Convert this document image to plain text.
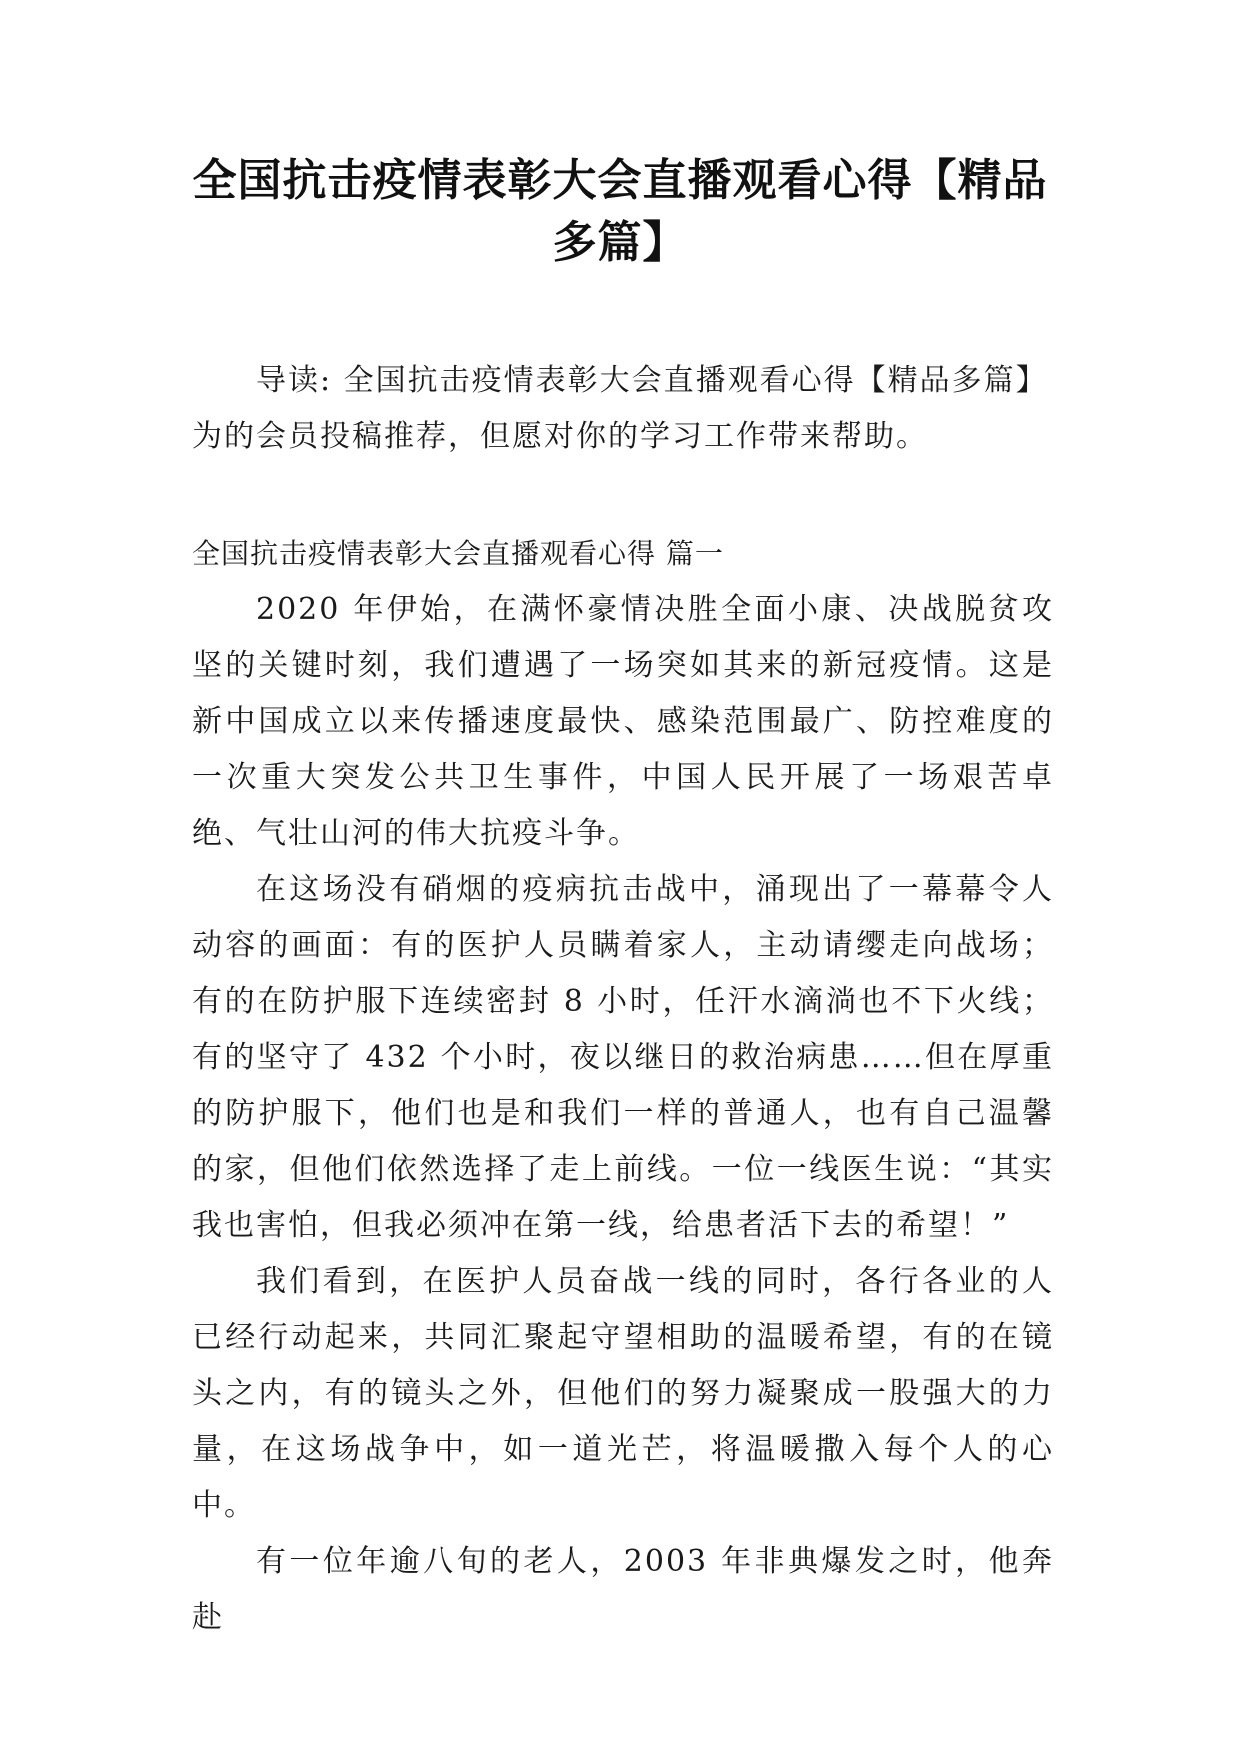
全国抗击疫情表彰大会直播观看心得【精品
多篇】

导读: 全国抗击疫情表彰大会直播观看心得【精品多篇】为的会员投稿推荐，但愿对你的学习工作带来帮助。

全国抗击疫情表彰大会直播观看心得 篇一

2020 年伊始，在满怀豪情决胜全面小康、决战脱贫攻坚的关键时刻，我们遭遇了一场突如其来的新冠疫情。这是新中国成立以来传播速度最快、感染范围最广、防控难度的一次重大突发公共卫生事件，中国人民开展了一场艰苦卓绝、气壮山河的伟大抗疫斗争。

在这场没有硝烟的疫病抗击战中，涌现出了一幕幕令人动容的画面：有的医护人员瞒着家人，主动请缨走向战场；有的在防护服下连续密封 8 小时，任汗水滴淌也不下火线；有的坚守了 432 个小时，夜以继日的救治病患……但在厚重的防护服下，他们也是和我们一样的普通人，也有自己温馨的家，但他们依然选择了走上前线。一位一线医生说：“其实我也害怕，但我必须冲在第一线，给患者活下去的希望！”

我们看到，在医护人员奋战一线的同时，各行各业的人已经行动起来，共同汇聚起守望相助的温暖希望，有的在镜头之内，有的镜头之外，但他们的努力凝聚成一股强大的力量，在这场战争中，如一道光芒，将温暖撒入每个人的心中。

有一位年逾八旬的老人，2003 年非典爆发之时，他奔赴
